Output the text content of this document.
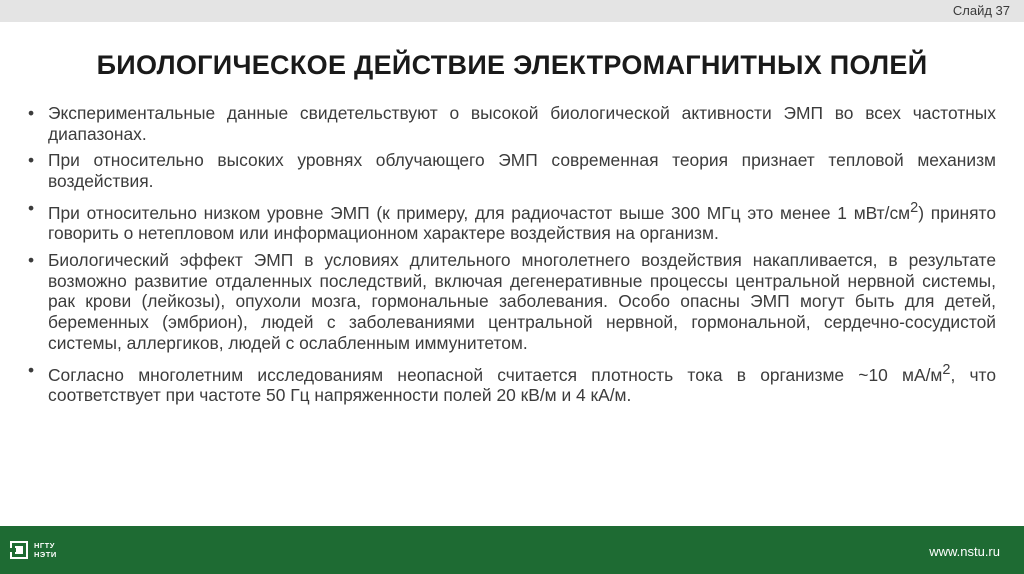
Слайд 37
БИОЛОГИЧЕСКОЕ ДЕЙСТВИЕ ЭЛЕКТРОМАГНИТНЫХ ПОЛЕЙ
• Экспериментальные данные свидетельствуют о высокой биологической активности ЭМП во всех частотных диапазонах.
• При относительно высоких уровнях облучающего ЭМП современная теория признает тепловой механизм воздействия.
• При относительно низком уровне ЭМП (к примеру, для радиочастот выше 300 МГц это менее 1 мВт/$см^2$) принято говорить о нетепловом или информационном характере воздействия на организм.
• Биологический эффект ЭМП в условиях длительного многолетнего воздействия накапливается, в результате возможно развитие отдаленных последствий, включая дегенеративные процессы центральной нервной системы, рак крови (лейкозы), опухоли мозга, гормональные заболевания. Особо опасны ЭМП могут быть для детей, беременных (эмбрион), людей с заболеваниями центральной нервной, гормональной, сердечно-сосудистой системы, аллергиков, людей с ослабленным иммунитетом.
• Согласно многолетним исследованиям неопасной считается плотность тока в организме ~10 $мА/м^2$, что соответствует при частоте 50 Гц напряженности полей 20 кВ/м и 4 кА/м.
НГТУ
НЭТИ	www.nstu.ru
